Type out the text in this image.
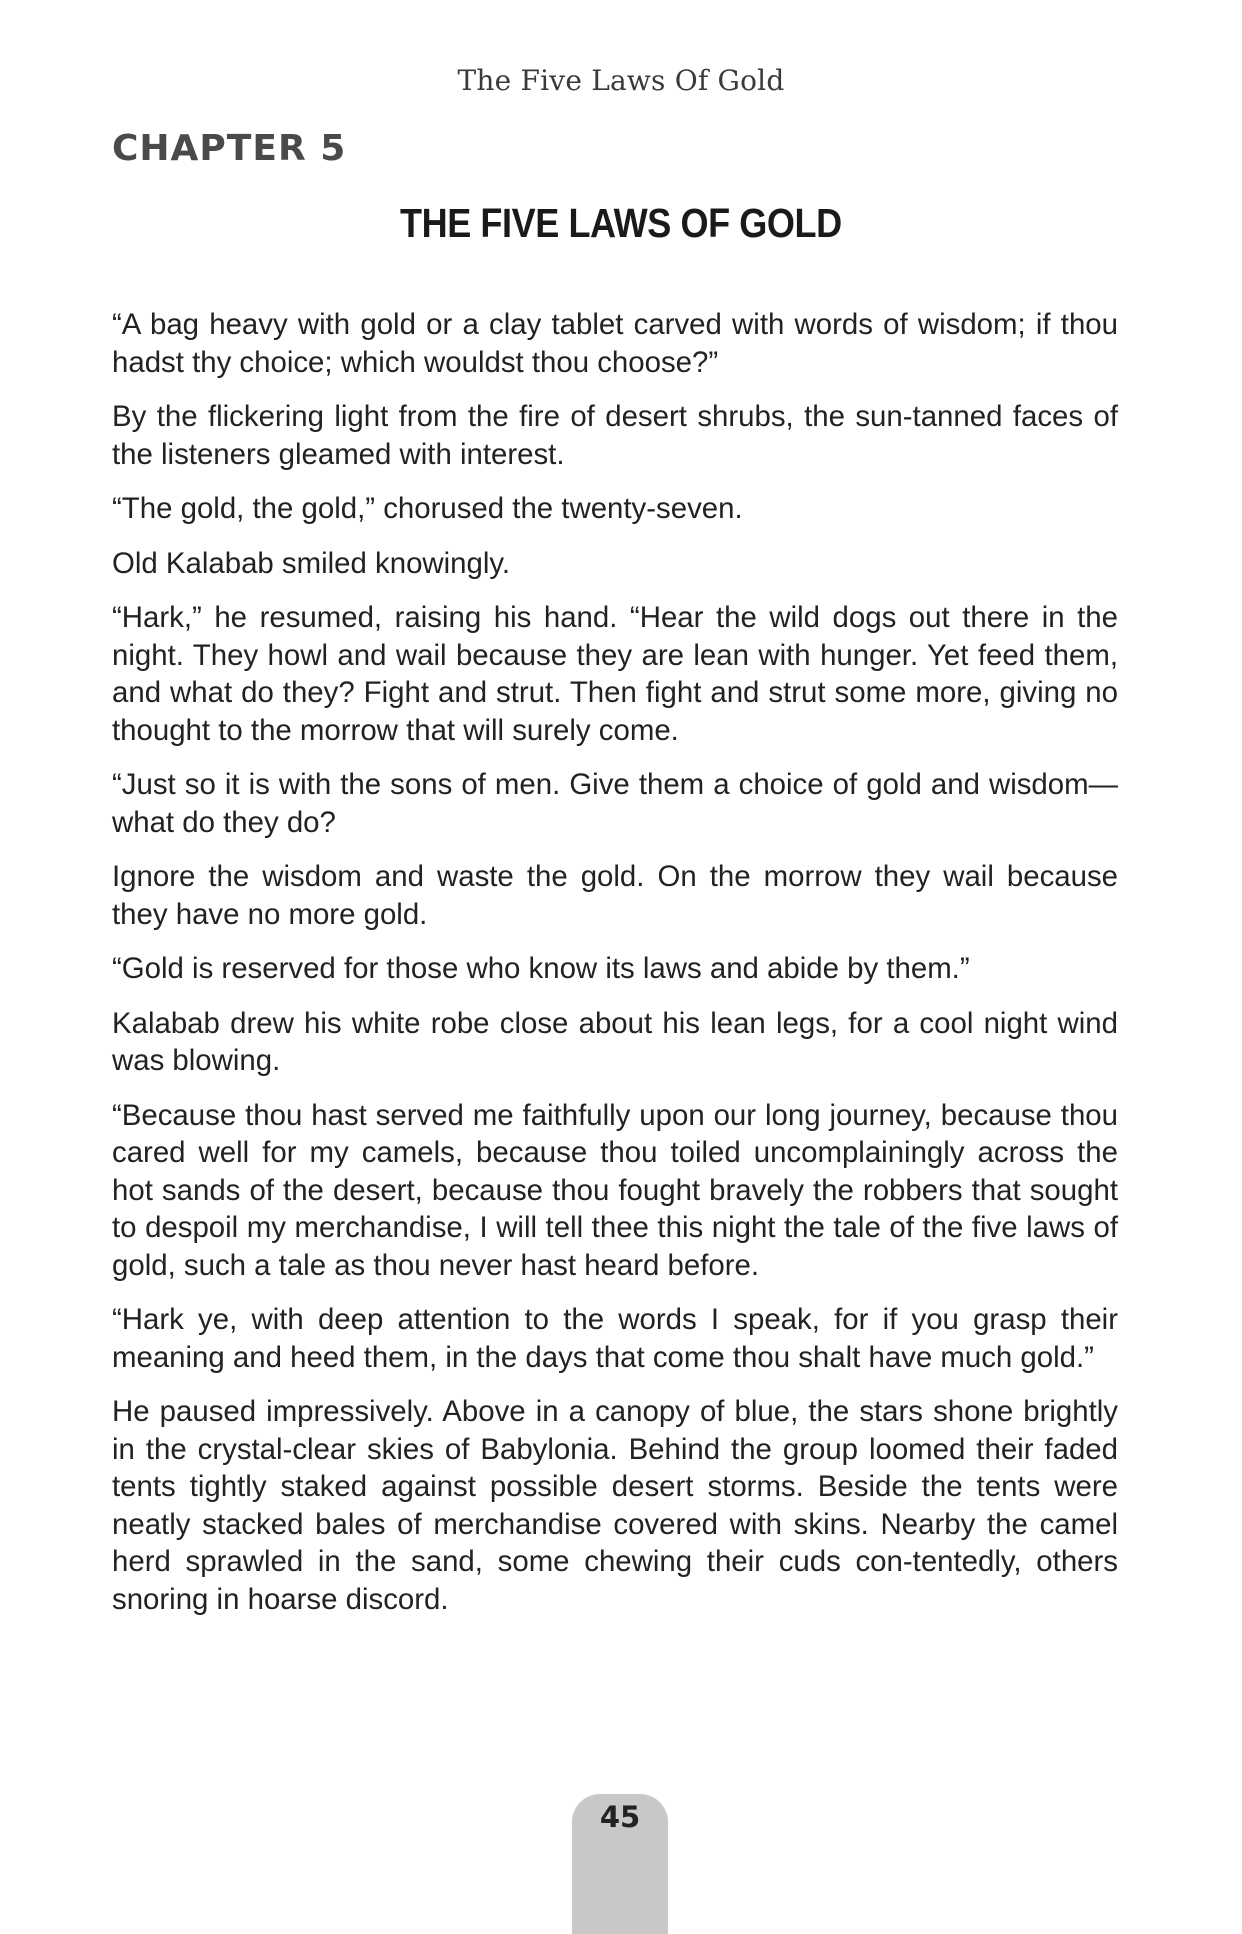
The Five Laws Of Gold
CHAPTER 5
THE FIVE LAWS OF GOLD

“A bag heavy with gold or a clay tablet carved with words of wisdom; if thou hadst thy choice; which wouldst thou choose?”

By the flickering light from the fire of desert shrubs, the sun-tanned faces of the listeners gleamed with interest.

“The gold, the gold,” chorused the twenty-seven.

Old Kalabab smiled knowingly.

“Hark,” he resumed, raising his hand. “Hear the wild dogs out there in the night. They howl and wail because they are lean with hunger. Yet feed them, and what do they? Fight and strut. Then fight and strut some more, giving no thought to the morrow that will surely come.

“Just so it is with the sons of men. Give them a choice of gold and wisdom—what do they do?

Ignore the wisdom and waste the gold. On the morrow they wail because they have no more gold.

“Gold is reserved for those who know its laws and abide by them.”

Kalabab drew his white robe close about his lean legs, for a cool night wind was blowing.

“Because thou hast served me faithfully upon our long journey, because thou cared well for my camels, because thou toiled uncomplainingly across the hot sands of the desert, because thou fought bravely the robbers that sought to despoil my merchandise, I will tell thee this night the tale of the five laws of gold, such a tale as thou never hast heard before.

“Hark ye, with deep attention to the words I speak, for if you grasp their meaning and heed them, in the days that come thou shalt have much gold.”

He paused impressively. Above in a canopy of blue, the stars shone brightly in the crystal-clear skies of Babylonia. Behind the group loomed their faded tents tightly staked against possible desert storms. Beside the tents were neatly stacked bales of merchandise covered with skins. Nearby the camel herd sprawled in the sand, some chewing their cuds con-tentedly, others snoring in hoarse discord.

45
